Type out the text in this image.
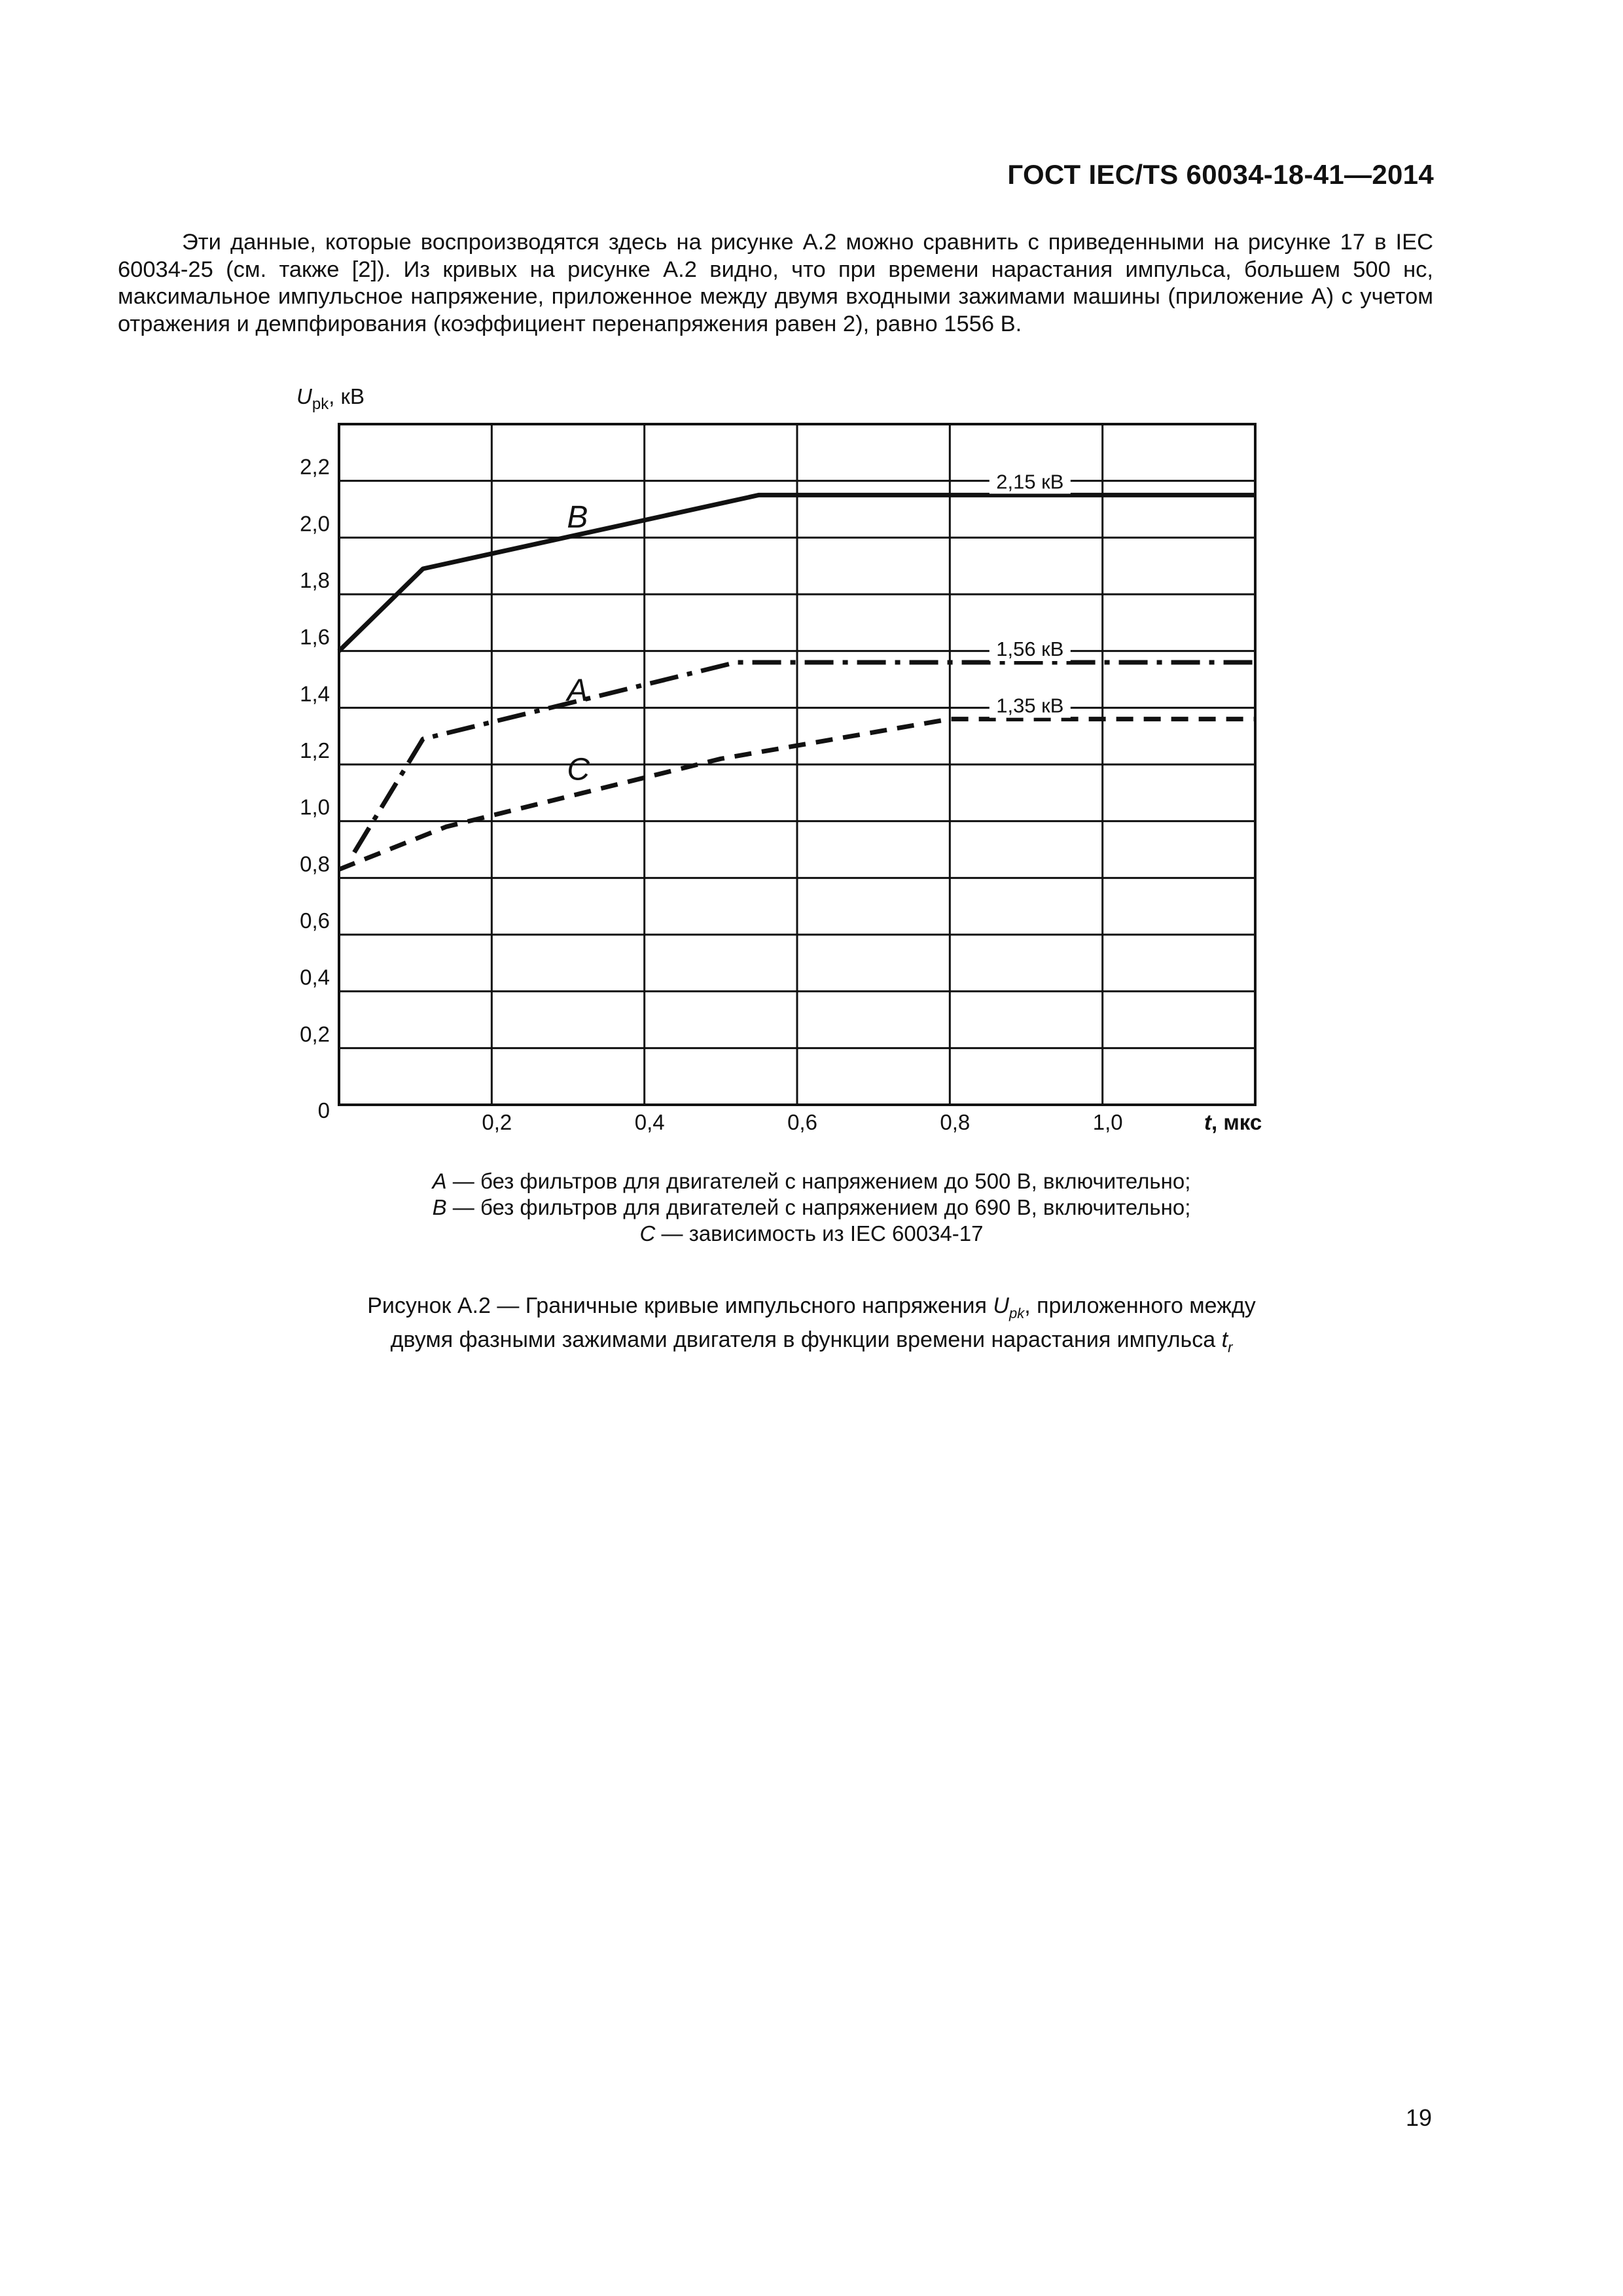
ГОСТ IEC/TS 60034-18-41—2014

Эти данные, которые воспроизводятся здесь на рисунке А.2 можно сравнить с приведенными на рисунке 17 в IEC 60034-25 (см. также [2]). Из кривых на рисунке А.2 видно, что при времени нарастания импульса, большем 500 нс, максимальное импульсное напряжение, приложенное между двумя входными зажимами машины (приложение А) с учетом отражения и демпфирования (коэффициент перенапряжения равен 2), равно 1556 В.

0
0,2
0,4
0,6
0,8
1,0
1,2
1,4
1,6
1,8
2,0
2,2
0,2	0,4	0,6	0,8	1,0
$U_{pk}$, кВ
t, мкс
B
2,15 кВ
A
1,56 кВ
C
1,35 кВ
A — без фильтров для двигателей с напряжением до 500 В, включительно;
B — без фильтров для двигателей с напряжением до 690 В, включительно;
C — зависимость из IEC 60034-17
Рисунок А.2 — Граничные кривые импульсного напряжения $U_{pk}$, приложенного между
двумя фазными зажимами двигателя в функции времени нарастания импульса $t_r$
19
